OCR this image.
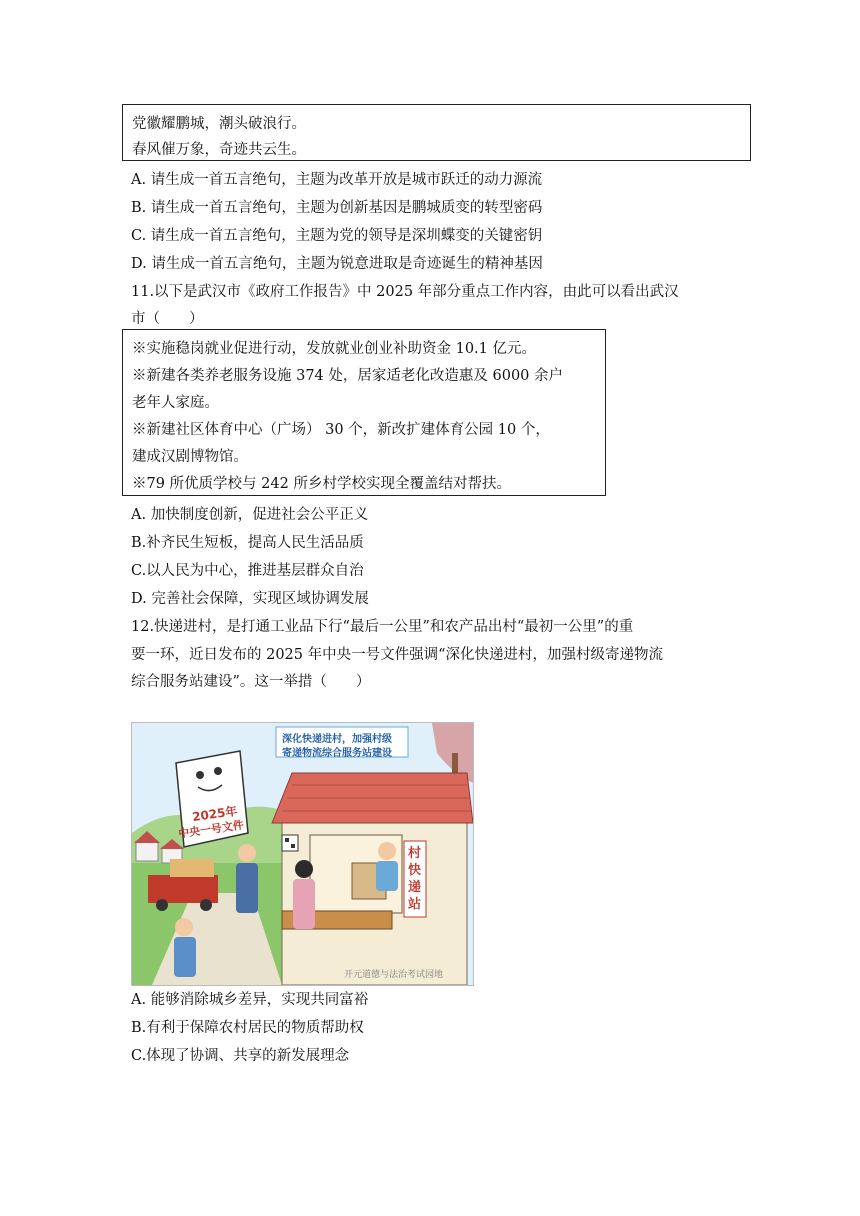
党徽耀鹏城，潮头破浪行。
春风催万象，奇迹共云生。
A. 请生成一首五言绝句，主题为改革开放是城市跃迁的动力源流
B. 请生成一首五言绝句，主题为创新基因是鹏城质变的转型密码
C. 请生成一首五言绝句，主题为党的领导是深圳蝶变的关键密钥
D. 请生成一首五言绝句，主题为锐意进取是奇迹诞生的精神基因
11.以下是武汉市《政府工作报告》中 2025 年部分重点工作内容，由此可以看出武汉
市（　　）
※实施稳岗就业促进行动，发放就业创业补助资金 10.1 亿元。
※新建各类养老服务设施 374 处，居家适老化改造惠及 6000 余户
老年人家庭。
※新建社区体育中心（广场） 30 个，新改扩建体育公园 10 个，
建成汉剧博物馆。
※79 所优质学校与 242 所乡村学校实现全覆盖结对帮扶。
A. 加快制度创新，促进社会公平正义
B.补齐民生短板，提高人民生活品质
C.以人民为中心，推进基层群众自治
D. 完善社会保障，实现区域协调发展
12.快递进村，是打通工业品下行“最后一公里”和农产品出村“最初一公里”的重
要一环，近日发布的 2025 年中央一号文件强调“深化快递进村，加强村级寄递物流
综合服务站建设”。这一举措（　　）
深化快递进村，加强村级
寄递物流综合服务站建设
2025年
中央一号文件
村快递站
开元道德与法治考试园地
A. 能够消除城乡差异，实现共同富裕
B.有利于保障农村居民的物质帮助权
C.体现了协调、共享的新发展理念
